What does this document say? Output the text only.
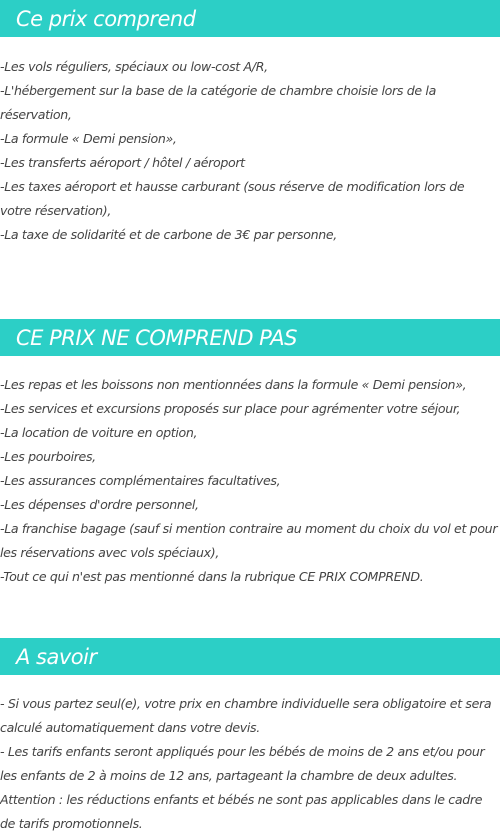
Ce prix comprend
-Les vols réguliers, spéciaux ou low-cost A/R,
-L'hébergement sur la base de la catégorie de chambre choisie lors de la réservation,
-La formule « Demi pension»,
-Les transferts aéroport / hôtel / aéroport
-Les taxes aéroport et hausse carburant (sous réserve de modification lors de votre réservation),
-La taxe de solidarité et de carbone de 3€ par personne,
CE PRIX NE COMPREND PAS
-Les repas et les boissons non mentionnées dans la formule « Demi pension»,
-Les services et excursions proposés sur place pour agrémenter votre séjour,
-La location de voiture en option,
-Les pourboires,
-Les assurances complémentaires facultatives,
-Les dépenses d'ordre personnel,
-La franchise bagage (sauf si mention contraire au moment du choix du vol et pour les réservations avec vols spéciaux),
-Tout ce qui n'est pas mentionné dans la rubrique CE PRIX COMPREND.
A savoir
- Si vous partez seul(e), votre prix en chambre individuelle sera obligatoire et sera calculé automatiquement dans votre devis.
- Les tarifs enfants seront appliqués pour les bébés de moins de 2 ans et/ou pour les enfants de 2 à moins de 12 ans, partageant la chambre de deux adultes.
Attention : les réductions enfants et bébés ne sont pas applicables dans le cadre de tarifs promotionnels.
